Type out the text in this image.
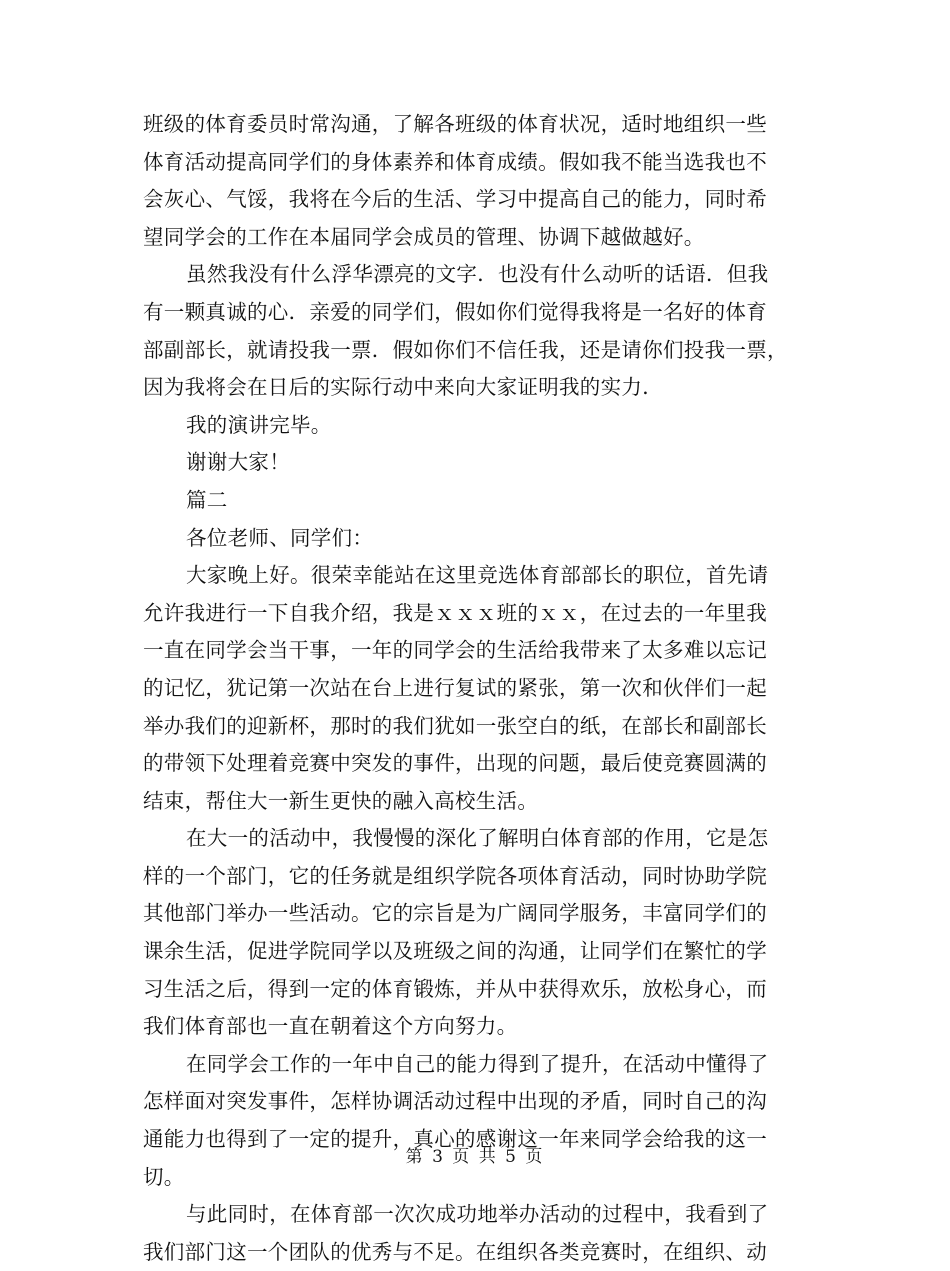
班级的体育委员时常沟通，了解各班级的体育状况，适时地组织一些
体育活动提高同学们的身体素养和体育成绩。假如我不能当选我也不
会灰心、气馁，我将在今后的生活、学习中提高自己的能力，同时希
望同学会的工作在本届同学会成员的管理、协调下越做越好。
虽然我没有什么浮华漂亮的文字．也没有什么动听的话语．但我
有一颗真诚的心．亲爱的同学们，假如你们觉得我将是一名好的体育
部副部长，就请投我一票．假如你们不信任我，还是请你们投我一票，
因为我将会在日后的实际行动中来向大家证明我的实力．
我的演讲完毕。
谢谢大家！
篇二
各位老师、同学们：
大家晚上好。很荣幸能站在这里竞选体育部部长的职位，首先请
允许我进行一下自我介绍，我是ｘｘｘ班的ｘｘ，在过去的一年里我
一直在同学会当干事，一年的同学会的生活给我带来了太多难以忘记
的记忆，犹记第一次站在台上进行复试的紧张，第一次和伙伴们一起
举办我们的迎新杯，那时的我们犹如一张空白的纸，在部长和副部长
的带领下处理着竞赛中突发的事件，出现的问题，最后使竞赛圆满的
结束，帮住大一新生更快的融入高校生活。
在大一的活动中，我慢慢的深化了解明白体育部的作用，它是怎
样的一个部门，它的任务就是组织学院各项体育活动，同时协助学院
其他部门举办一些活动。它的宗旨是为广阔同学服务，丰富同学们的
课余生活，促进学院同学以及班级之间的沟通，让同学们在繁忙的学
习生活之后，得到一定的体育锻炼，并从中获得欢乐，放松身心，而
我们体育部也一直在朝着这个方向努力。
在同学会工作的一年中自己的能力得到了提升，在活动中懂得了
怎样面对突发事件，怎样协调活动过程中出现的矛盾，同时自己的沟
通能力也得到了一定的提升，真心的感谢这一年来同学会给我的这一
切。
与此同时，在体育部一次次成功地举办活动的过程中，我看到了
我们部门这一个团队的优秀与不足。在组织各类竞赛时，在组织、动
第 3 页 共 5 页
